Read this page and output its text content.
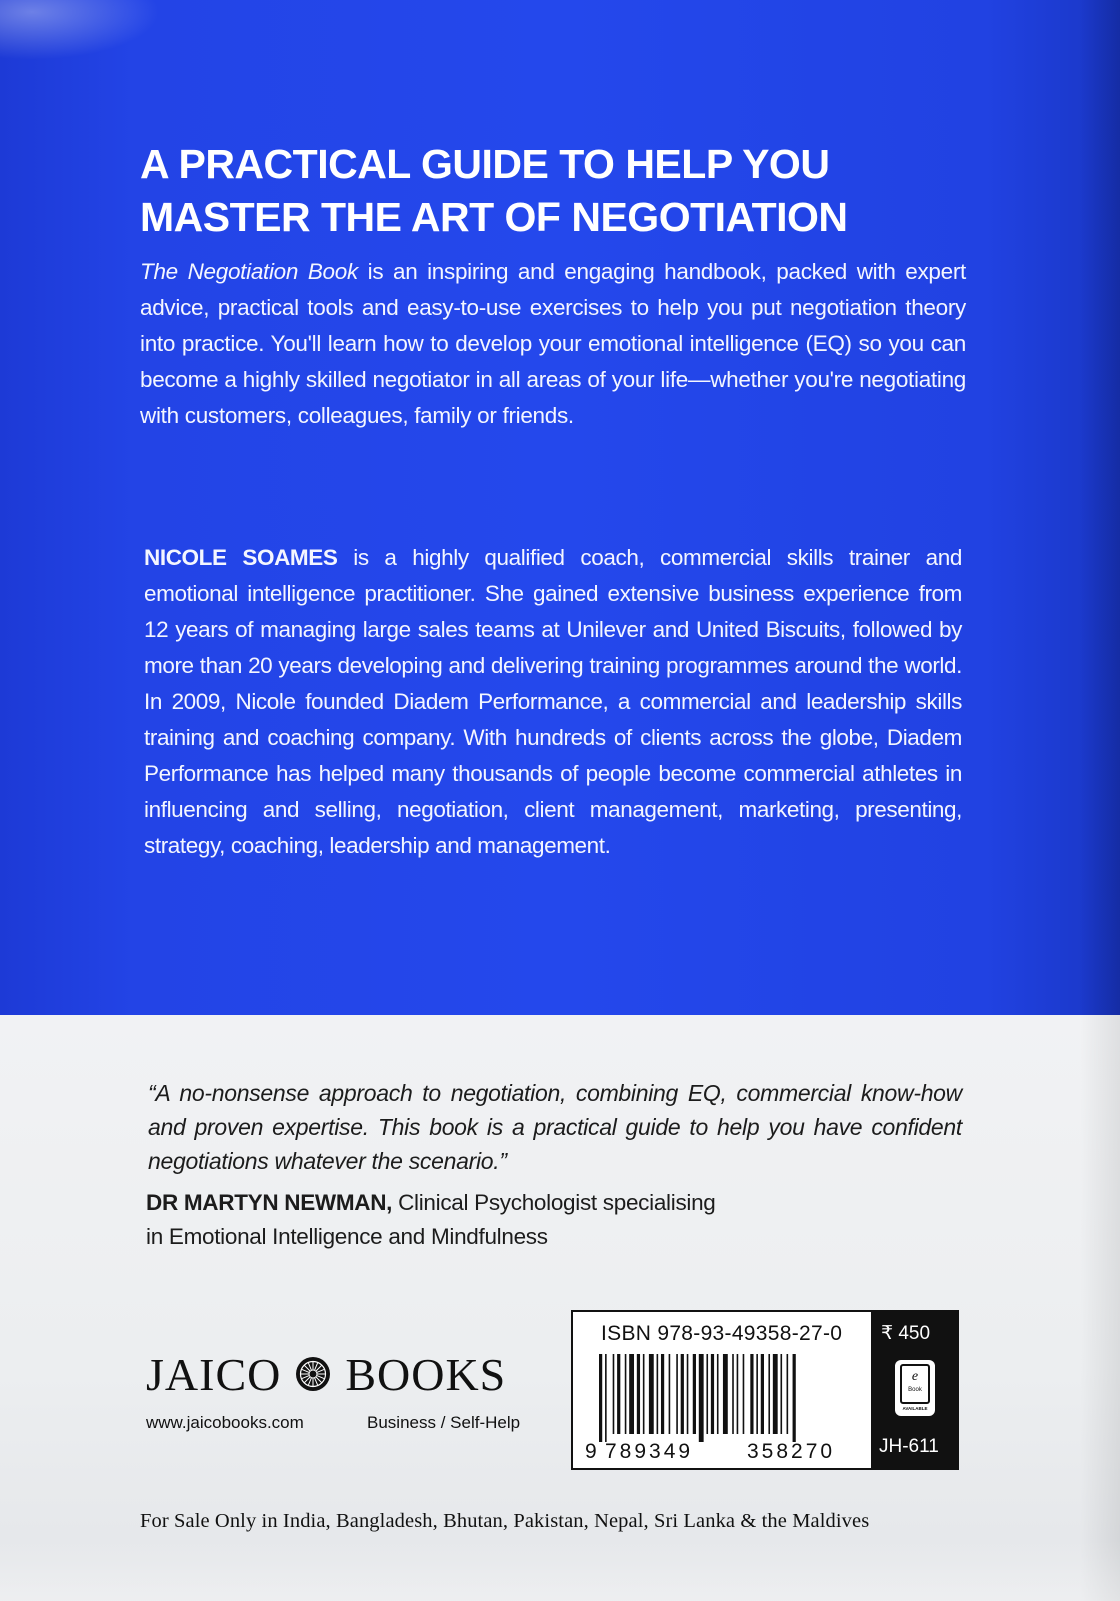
A PRACTICAL GUIDE TO HELP YOU
MASTER THE ART OF NEGOTIATION

The Negotiation Book is an inspiring and engaging handbook, packed with expert advice, practical tools and easy-to-use exercises to help you put negotiation theory into practice. You'll learn how to develop your emotional intelligence (EQ) so you can become a highly skilled negotiator in all areas of your life—whether you're negotiating with customers, colleagues, family or friends.

NICOLE SOAMES is a highly qualified coach, commercial skills trainer and emotional intelligence practitioner. She gained extensive business experience from 12 years of managing large sales teams at Unilever and United Biscuits, followed by more than 20 years developing and delivering training programmes around the world. In 2009, Nicole founded Diadem Performance, a commercial and leadership skills training and coaching company. With hundreds of clients across the globe, Diadem Performance has helped many thousands of people become commercial athletes in influencing and selling, negotiation, client management, marketing, presenting, strategy, coaching, leadership and management.

“A no-nonsense approach to negotiation, combining EQ, commercial know-how and proven expertise. This book is a practical guide to help you have confident negotiations whatever the scenario.”

DR MARTYN NEWMAN, Clinical Psychologist specialising
in Emotional Intelligence and Mindfulness

JAICO BOOKS
www.jaicobooks.com	Business / Self-Help
ISBN 978-93-49358-27-0
9 789349	358270
₹ 450
e
Book
AVAILABLE
JH-611

For Sale Only in India, Bangladesh, Bhutan, Pakistan, Nepal, Sri Lanka & the Maldives
